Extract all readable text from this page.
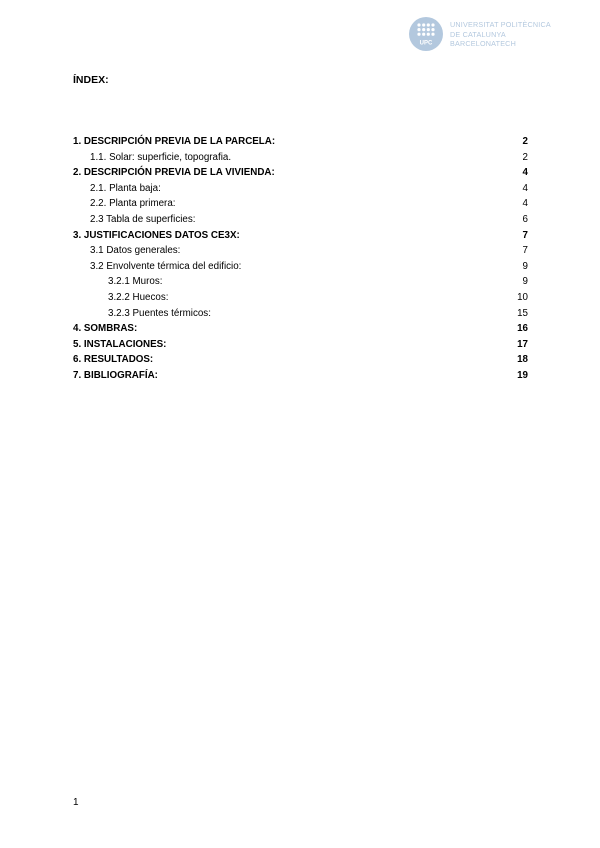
UPC
UNIVERSITAT POLITÈCNICA
DE CATALUNYA
BARCELONATECH
ÍNDEX:
1. DESCRIPCIÓN PREVIA DE LA PARCELA:	2
1.1. Solar: superficie, topografia.	2
2. DESCRIPCIÓN PREVIA DE LA VIVIENDA:	4
2.1. Planta baja:	4
2.2. Planta primera:	4
2.3 Tabla de superficies:	6
3. JUSTIFICACIONES DATOS CE3X:	7
3.1 Datos generales:	7
3.2 Envolvente térmica del edificio:	9
3.2.1 Muros:	9
3.2.2 Huecos:	10
3.2.3 Puentes térmicos:	15
4. SOMBRAS:	16
5. INSTALACIONES:	17
6. RESULTADOS:	18
7. BIBLIOGRAFÍA:	19
1
